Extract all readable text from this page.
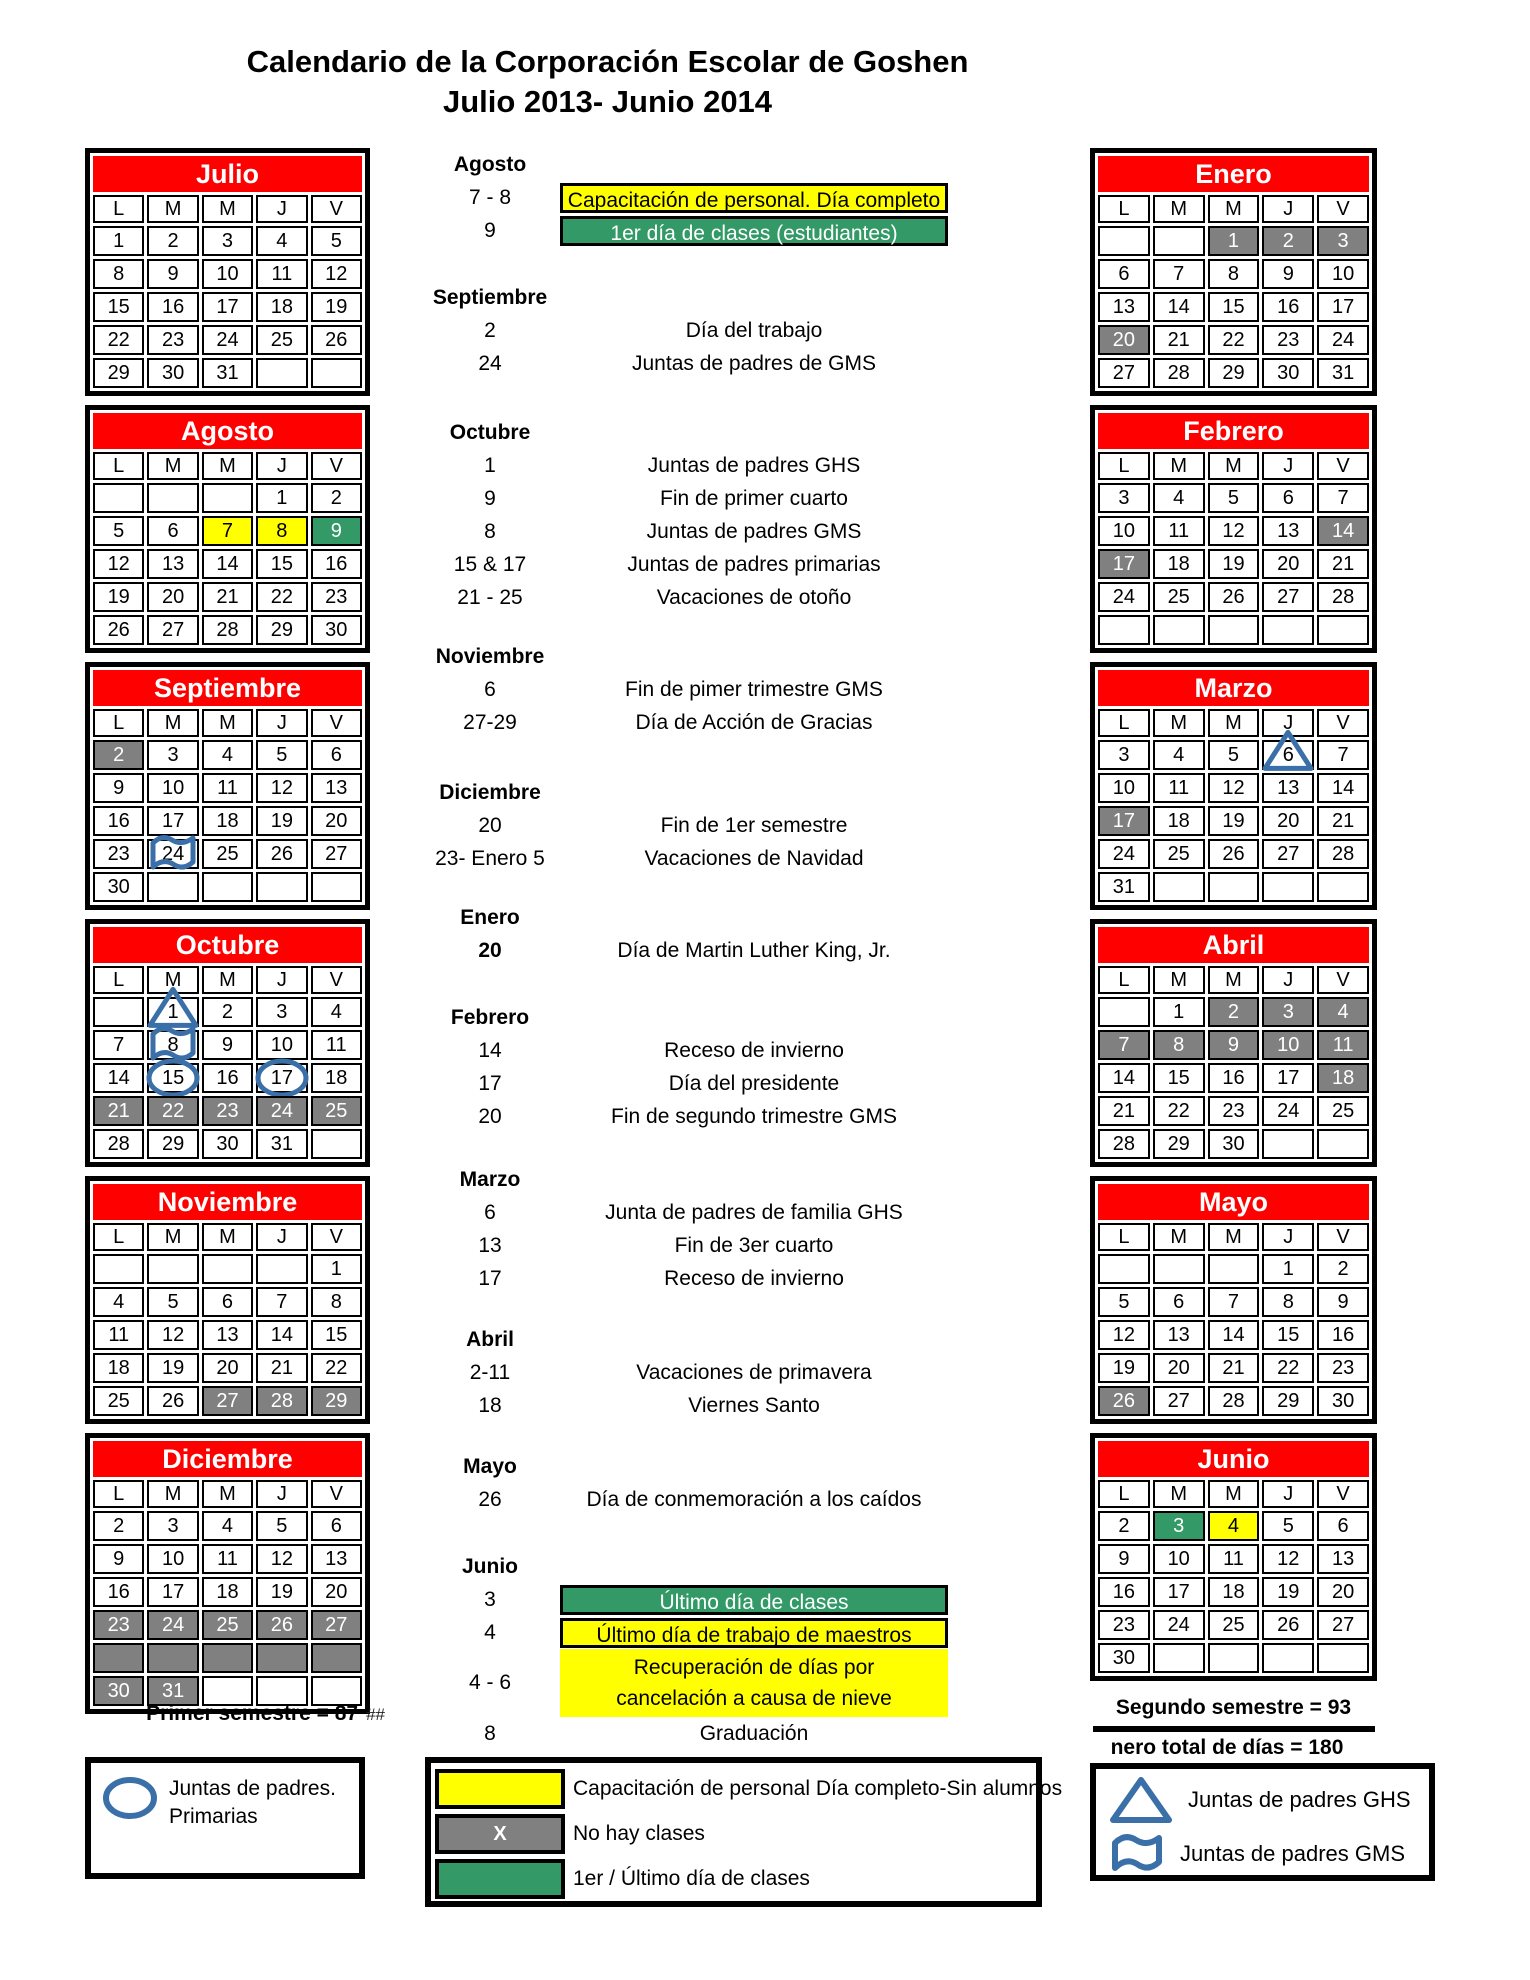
Calendario de la Corporación Escolar de Goshen
Julio 2013- Junio 2014
Julio
L	M	M	J	V
1	2	3	4	5
8	9	10	11	12
15	16	17	18	19
22	23	24	25	26
29	30	31		
Agosto
L	M	M	J	V
			1	2
5	6	7	8	9
12	13	14	15	16
19	20	21	22	23
26	27	28	29	30
Septiembre
L	M	M	J	V
2	3	4	5	6
9	10	11	12	13
16	17	18	19	20
23	24	25	26	27
30				
Octubre
L	M	M	J	V
	1	2	3	4
7	8	9	10	11
14	15	16	17	18
21	22	23	24	25
28	29	30	31	
Noviembre
L	M	M	J	V
				1
4	5	6	7	8
11	12	13	14	15
18	19	20	21	22
25	26	27	28	29
Diciembre
L	M	M	J	V
2	3	4	5	6
9	10	11	12	13
16	17	18	19	20
23	24	25	26	27

30	31			
Agosto
7 - 8	Capacitación de personal. Día completo
9	1er día de clases (estudiantes)
Septiembre
2	Día del trabajo
24	Juntas de padres de GMS
Octubre
1	Juntas de padres GHS
9	Fin de primer cuarto
8	Juntas de padres GMS
15 & 17	Juntas de padres primarias
21 - 25	Vacaciones de otoño
Noviembre
6	Fin de pimer trimestre GMS
27-29	Día de Acción de Gracias
Diciembre
20	Fin de 1er semestre
23- Enero 5	Vacaciones de Navidad
Enero
20	Día de Martin Luther King, Jr.
Febrero
14	Receso de invierno
17	Día del presidente
20	Fin de segundo trimestre GMS
Marzo
6	Junta de padres de familia GHS
13	Fin de 3er cuarto
17	Receso de invierno
Abril
2-11	Vacaciones de primavera
18	Viernes Santo
Mayo
26	Día de conmemoración a los caídos
Junio
3	Último día de clases
4	Último día de trabajo de maestros
4 - 6
Recuperación de días por
cancelación a causa de nieve
8	Graduación
Enero
L	M	M	J	V
		1	2	3
6	7	8	9	10
13	14	15	16	17
20	21	22	23	24
27	28	29	30	31
Febrero
L	M	M	J	V
3	4	5	6	7
10	11	12	13	14
17	18	19	20	21
24	25	26	27	28

Marzo
L	M	M	J	V
3	4	5	6	7
10	11	12	13	14
17	18	19	20	21
24	25	26	27	28
31				
Abril
L	M	M	J	V
	1	2	3	4
7	8	9	10	11
14	15	16	17	18
21	22	23	24	25
28	29	30		
Mayo
L	M	M	J	V
			1	2
5	6	7	8	9
12	13	14	15	16
19	20	21	22	23
26	27	28	29	30
Junio
L	M	M	J	V
2	3	4	5	6
9	10	11	12	13
16	17	18	19	20
23	24	25	26	27
30				
Primer semestre = 87 ##	Segundo semestre = 93
nero total de días = 180
Juntas de padres.
Primarias
Capacitación de personal Día completo-Sin alumnos
X	No hay clases
1er / Último día de clases
Juntas de padres GHS
Juntas de padres GMS
